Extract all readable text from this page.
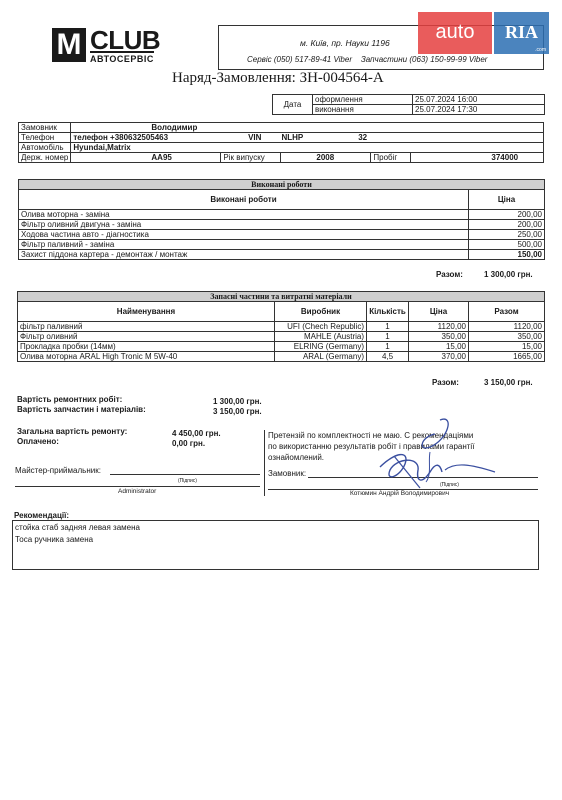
M CLUB
АВТОСЕРВІС
м. Київ, пр. Науки 1196
Сервіс (050) 517-89-41 Viber Запчастини (063) 150-99-99 Viber
auto	RIA
.com
Наряд-Замовлення: ЗН-004564-А
Дата	оформлення	25.07.2024 16:00
	виконання	25.07.2024 17:30
Замовник	Володимир				
Телефон	телефон +380632505463 VIN NLHP 32				
Автомобіль	Hyundai,Matrix				
Держ. номер	AA95	Рік випуску	2008	Пробіг	374000
Виконані роботи	
Виконані роботи	Ціна
Олива моторна - заміна	200,00
Фільтр оливний двигуна - заміна	200,00
Ходова частина авто - діагностика	250,00
Фільтр паливний - заміна	500,00
Захист піддона картера - демонтаж / монтаж	150,00
Разом:	1 300,00 грн.
Запасні частини та витратні матеріали				
Найменування	Виробник	Кількість	Ціна	Разом
фільтр паливний	UFI (Chech Republic)	1	1120,00	1120,00
Фільтр оливний	MAHLE (Austria)	1	350,00	350,00
Прокладка пробки (14мм)	ELRING (Germany)	1	15,00	15,00
Олива моторна ARAL High Tronic M 5W-40	ARAL (Germany)	4,5	370,00	1665,00
Разом:	3 150,00 грн.
Вартість ремонтних робіт:	1 300,00 грн.
Вартість запчастин і матеріалів:	3 150,00 грн.
Загальна вартість ремонту:	4 450,00 грн.
Оплачено:	0,00 грн.
Претензій по комплектності не маю. С рекомендаціями
по використанню результатів робіт і правилами гарантії
ознайомлений.
Майстер-приймальник:
(Підпис)
Administrator
Замовник:
(Підпис)
Котюмин Андрій Володимирович
Рекомендації:
стойка стаб задняя левая замена
Тоса ручника замена
